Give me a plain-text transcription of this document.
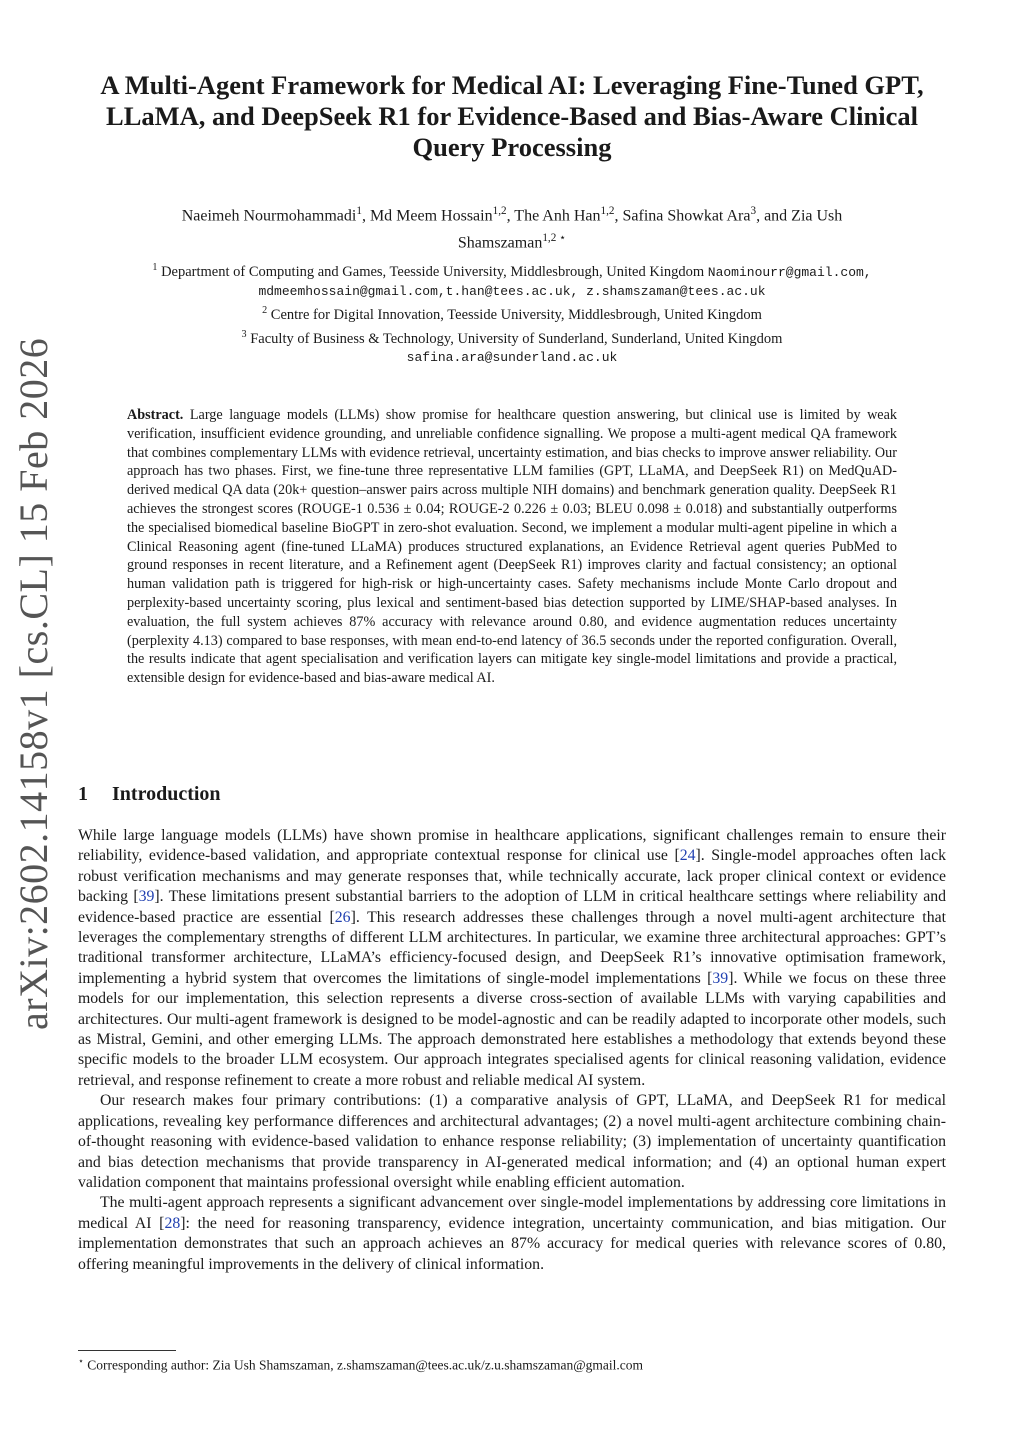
arXiv:2602.14158v1 [cs.CL] 15 Feb 2026
A Multi-Agent Framework for Medical AI: Leveraging Fine-Tuned GPT,
LLaMA, and DeepSeek R1 for Evidence-Based and Bias-Aware Clinical
Query Processing
Naeimeh Nourmohammadi$^1$, Md Meem Hossain$^{1,2}$, The Anh Han$^{1,2}$, Safina Showkat Ara$^3$, and Zia Ush
Shamszaman$^{1,2 ⋆}$
$^1$ Department of Computing and Games, Teesside University, Middlesbrough, United Kingdom Naominourr@gmail.com,
mdmeemhossain@gmail.com,t.han@tees.ac.uk, z.shamszaman@tees.ac.uk
$^2$ Centre for Digital Innovation, Teesside University, Middlesbrough, United Kingdom
$^3$ Faculty of Business & Technology, University of Sunderland, Sunderland, United Kingdom
safina.ara@sunderland.ac.uk
Abstract. Large language models (LLMs) show promise for healthcare question answering, but clinical use is limited by weak verification, insufficient evidence grounding, and unreliable confidence signalling. We propose a multi-agent medical QA framework that combines complementary LLMs with evidence retrieval, uncertainty estimation, and bias checks to improve answer reliability. Our approach has two phases. First, we fine-tune three representative LLM families (GPT, LLaMA, and DeepSeek R1) on MedQuAD-derived medical QA data (20k+ question–answer pairs across multiple NIH domains) and benchmark generation quality. DeepSeek R1 achieves the strongest scores (ROUGE-1 0.536 ± 0.04; ROUGE-2 0.226 ± 0.03; BLEU 0.098 ± 0.018) and substantially outperforms the specialised biomedical baseline BioGPT in zero-shot evaluation. Second, we implement a modular multi-agent pipeline in which a Clinical Reasoning agent (fine-tuned LLaMA) produces structured explanations, an Evidence Retrieval agent queries PubMed to ground responses in recent literature, and a Refinement agent (DeepSeek R1) improves clarity and factual consistency; an optional human validation path is triggered for high-risk or high-uncertainty cases. Safety mechanisms include Monte Carlo dropout and perplexity-based uncertainty scoring, plus lexical and sentiment-based bias detection supported by LIME/SHAP-based analyses. In evaluation, the full system achieves 87% accuracy with relevance around 0.80, and evidence augmentation reduces uncertainty (perplexity 4.13) compared to base responses, with mean end-to-end latency of 36.5 seconds under the reported configuration. Overall, the results indicate that agent specialisation and verification layers can mitigate key single-model limitations and provide a practical, extensible design for evidence-based and bias-aware medical AI.
1 Introduction

While large language models (LLMs) have shown promise in healthcare applications, significant challenges remain to ensure their reliability, evidence-based validation, and appropriate contextual response for clinical use [24]. Single-model approaches often lack robust verification mechanisms and may generate responses that, while technically accurate, lack proper clinical context or evidence backing [39]. These limitations present substantial barriers to the adoption of LLM in critical healthcare settings where reliability and evidence-based practice are essential [26]. This research addresses these challenges through a novel multi-agent architecture that leverages the complementary strengths of different LLM architectures. In particular, we examine three architectural approaches: GPT’s traditional transformer architecture, LLaMA’s efficiency-focused design, and DeepSeek R1’s innovative optimisation framework, implementing a hybrid system that overcomes the limitations of single-model implementations [39]. While we focus on these three models for our implementation, this selection represents a diverse cross-section of available LLMs with varying capabilities and architectures. Our multi-agent framework is designed to be model-agnostic and can be readily adapted to incorporate other models, such as Mistral, Gemini, and other emerging LLMs. The approach demonstrated here establishes a methodology that extends beyond these specific models to the broader LLM ecosystem. Our approach integrates specialised agents for clinical reasoning validation, evidence retrieval, and response refinement to create a more robust and reliable medical AI system.

Our research makes four primary contributions: (1) a comparative analysis of GPT, LLaMA, and DeepSeek R1 for medical applications, revealing key performance differences and architectural advantages; (2) a novel multi-agent architecture combining chain-of-thought reasoning with evidence-based validation to enhance response reliability; (3) implementation of uncertainty quantification and bias detection mechanisms that provide transparency in AI-generated medical information; and (4) an optional human expert validation component that maintains professional oversight while enabling efficient automation.

The multi-agent approach represents a significant advancement over single-model implementations by addressing core limitations in medical AI [28]: the need for reasoning transparency, evidence integration, uncertainty communication, and bias mitigation. Our implementation demonstrates that such an approach achieves an 87% accuracy for medical queries with relevance scores of 0.80, offering meaningful improvements in the delivery of clinical information.

⋆ Corresponding author: Zia Ush Shamszaman, z.shamszaman@tees.ac.uk/z.u.shamszaman@gmail.com
